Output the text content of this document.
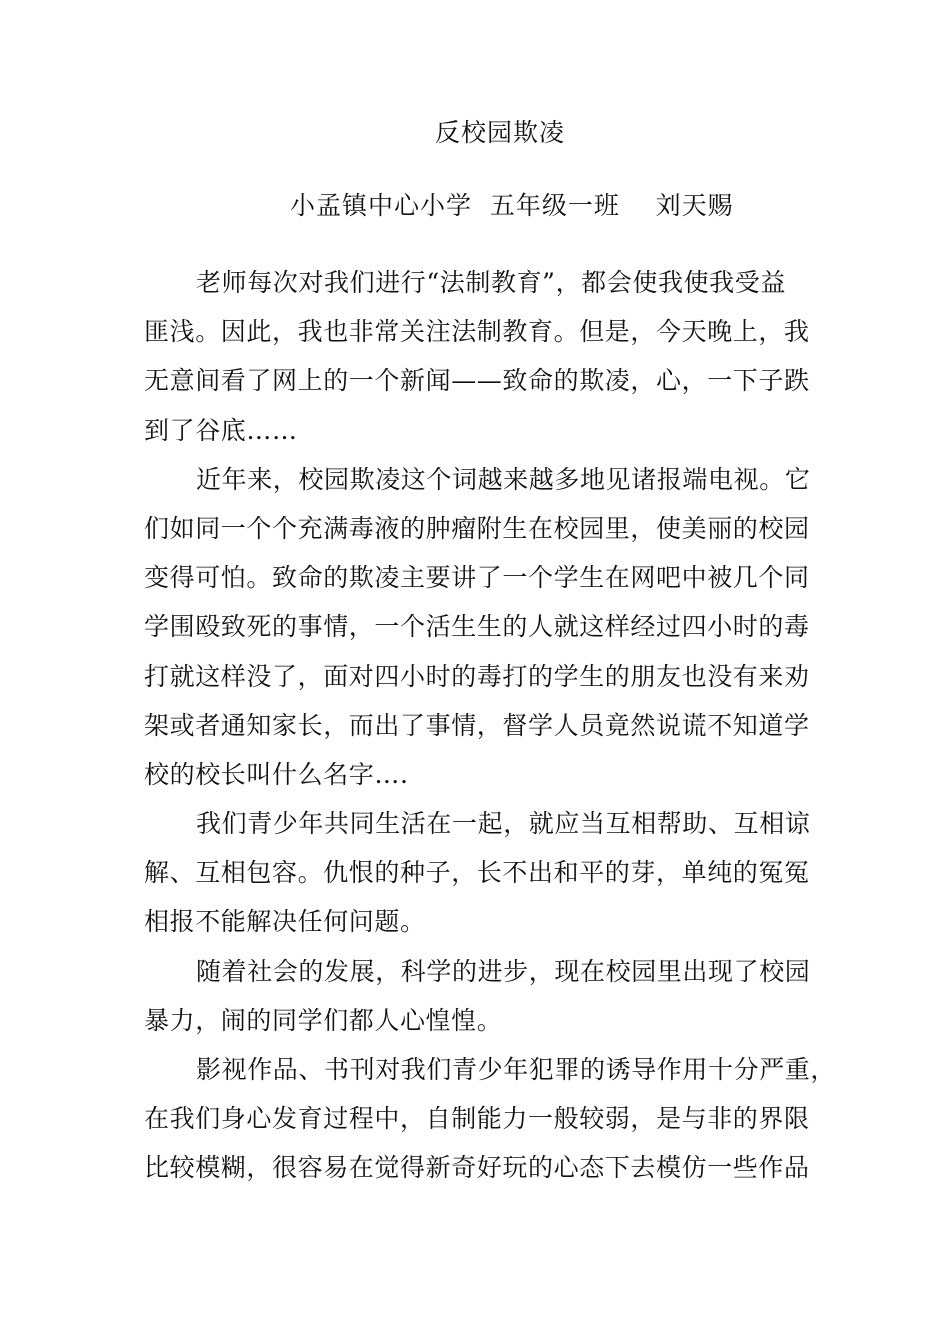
反校园欺凌
小孟镇中心小学  五年级一班    刘天赐
老师每次对我们进行“法制教育”，都会使我使我受益
匪浅。因此，我也非常关注法制教育。但是，今天晚上，我
无意间看了网上的一个新闻——致命的欺凌，心，一下子跌
到了谷底……
近年来，校园欺凌这个词越来越多地见诸报端电视。它
们如同一个个充满毒液的肿瘤附生在校园里，使美丽的校园
变得可怕。致命的欺凌主要讲了一个学生在网吧中被几个同
学围殴致死的事情，一个活生生的人就这样经过四小时的毒
打就这样没了，面对四小时的毒打的学生的朋友也没有来劝
架或者通知家长，而出了事情，督学人员竟然说谎不知道学
校的校长叫什么名字….
我们青少年共同生活在一起，就应当互相帮助、互相谅
解、互相包容。仇恨的种子，长不出和平的芽，单纯的冤冤
相报不能解决任何问题。
随着社会的发展，科学的进步，现在校园里出现了校园
暴力，闹的同学们都人心惶惶。
影视作品、书刊对我们青少年犯罪的诱导作用十分严重，
在我们身心发育过程中，自制能力一般较弱，是与非的界限
比较模糊，很容易在觉得新奇好玩的心态下去模仿一些作品
